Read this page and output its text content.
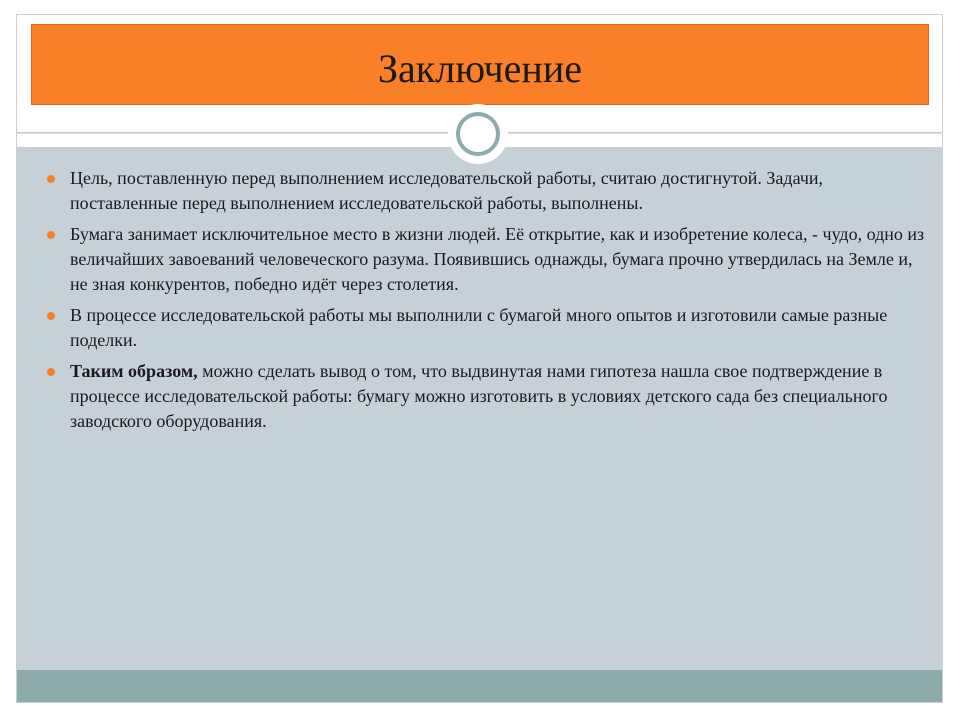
Заключение
Цель, поставленную перед выполнением исследовательской работы, считаю достигнутой. Задачи, поставленные перед выполнением исследовательской работы, выполнены.
Бумага занимает исключительное место в жизни людей. Её открытие, как и изобретение колеса, - чудо, одно из величайших завоеваний человеческого разума. Появившись однажды, бумага прочно утвердилась на Земле и, не зная конкурентов, победно идёт через столетия.
В процессе исследовательской работы мы выполнили с бумагой много опытов и изготовили самые разные поделки.
Таким образом, можно сделать вывод о том, что выдвинутая нами гипотеза нашла свое подтверждение в процессе исследовательской работы: бумагу можно изготовить в условиях детского сада без специального заводского оборудования.
